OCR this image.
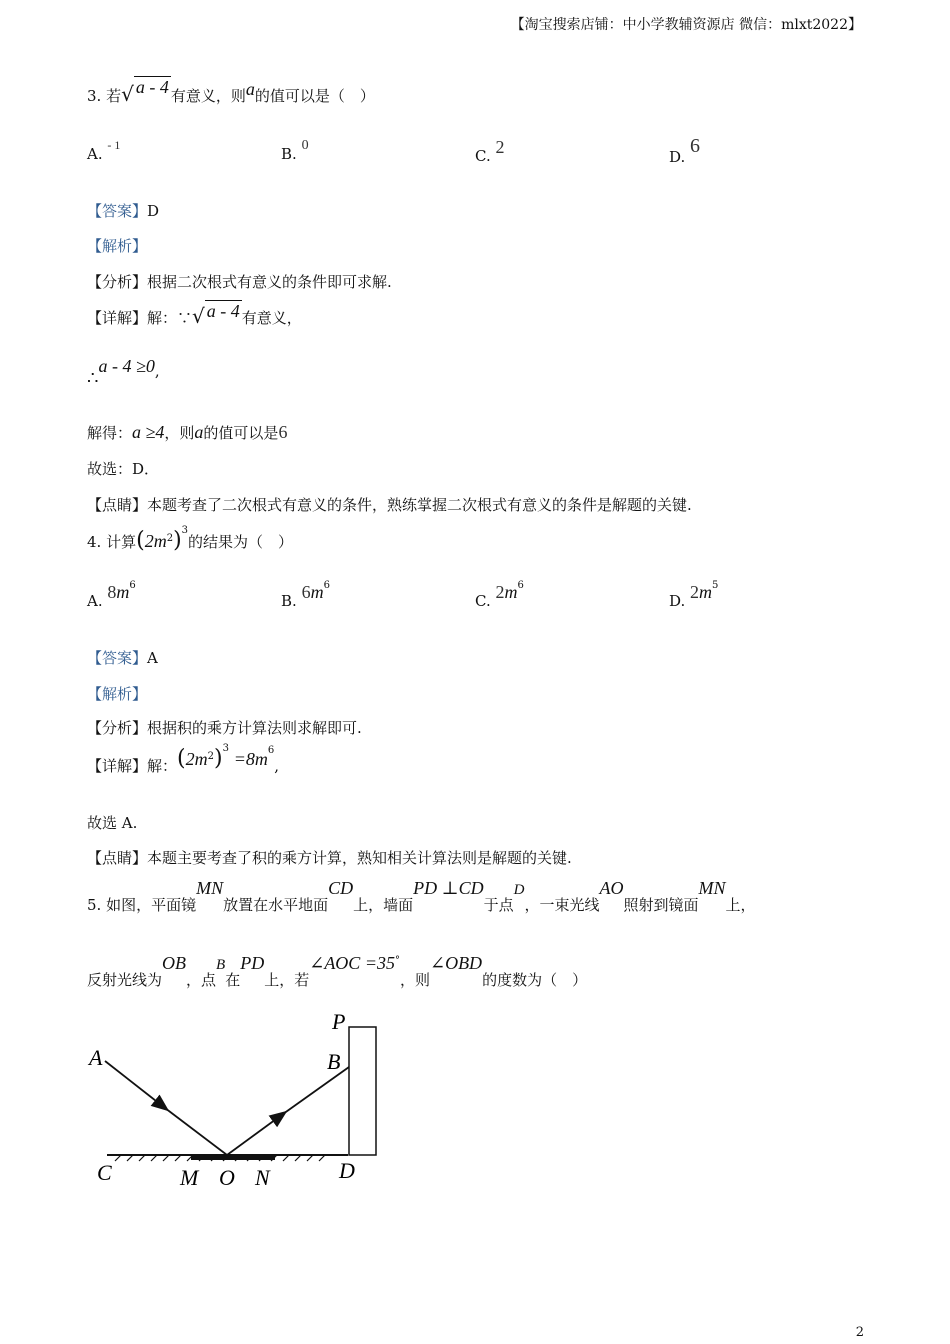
【淘宝搜索店铺：中小学教辅资源店 微信：mlxt2022】
3. 若√ a - 4 有意义，则a的值可以是（　）
A. $^{- 1}$	B. 0
C. 2	D. 6
【答案】D
【解析】
【分析】根据二次根式有意义的条件即可求解.
【详解】解：∵√ a - 4 有意义，
∴a - 4 ≥0,
解得：a ≥4，则a的值可以是6
故选：D．
【点睛】本题考查了二次根式有意义的条件，熟练掌握二次根式有意义的条件是解题的关键.
4. 计算$(2m^2)^3$的结果为（　）
A. $8m^6$
B. $6m^6$
C. $2m^6$
D. $2m^5$
【答案】A
【解析】
【分析】根据积的乘方计算法则求解即可.
【详解】解：$(2m^2)^3 =8m^6$,
故选 A.
【点睛】本题主要考查了积的乘方计算，熟知相关计算法则是解题的关键.
5. 如图，平面镜MN放置在水平地面CD上，墙面PD ⊥CD于点D，一束光线AO照射到镜面MN上，
反射光线为OB，点B在PD上，若∠AOC =35°，则∠OBD的度数为（　）
P
B
A
C	M O N	D
2
